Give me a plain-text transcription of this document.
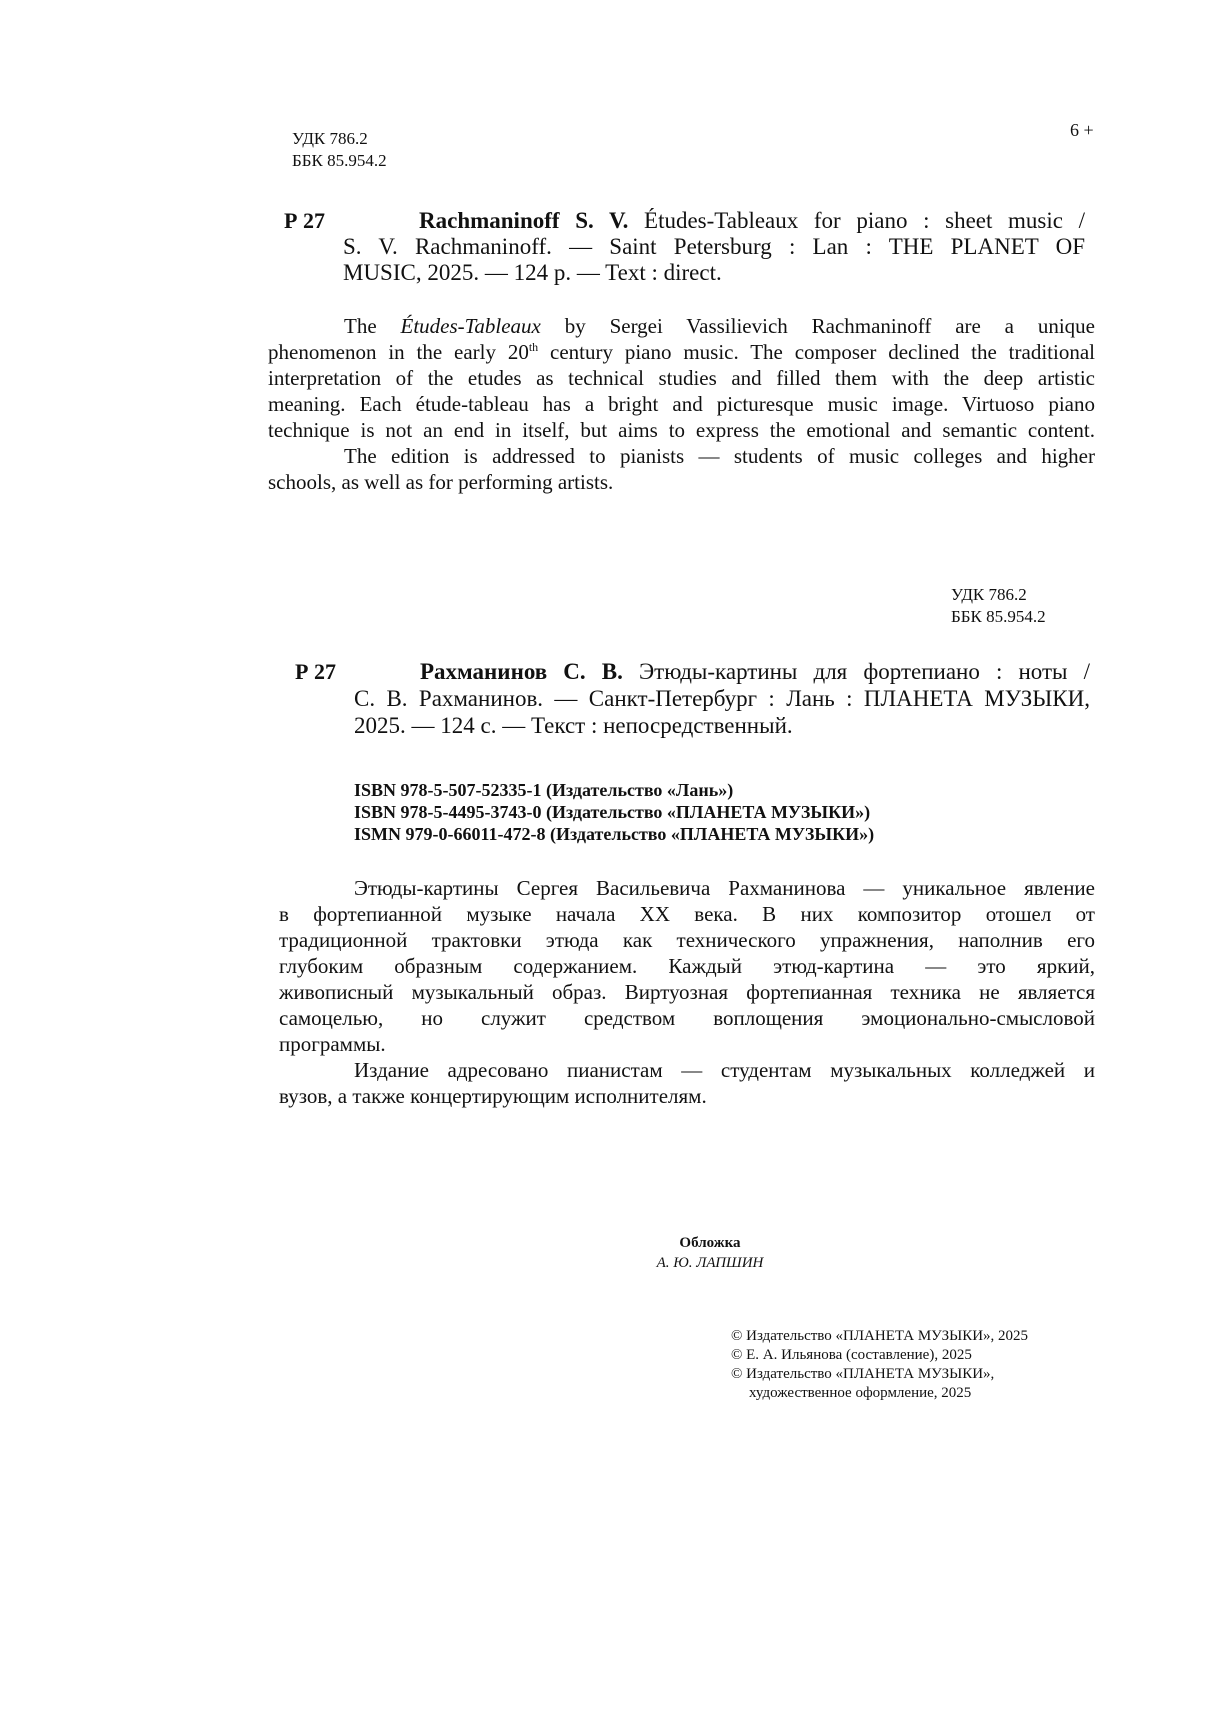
УДК 786.2
ББК 85.954.2
6 +
Р 27	Rachmaninoff S. V. Études-Tableaux for piano : sheet music /
S. V. Rachmaninoff. — Saint Petersburg : Lan : THE PLANET OF
MUSIC, 2025. — 124 p. — Text : direct.
The Études-Tableaux by Sergei Vassilievich Rachmaninoff are a unique
phenomenon in the early 20th century piano music. The composer declined the traditional
interpretation of the etudes as technical studies and filled them with the deep artistic
meaning. Each étude-tableau has a bright and picturesque music image. Virtuoso piano
technique is not an end in itself, but aims to express the emotional and semantic content.
The edition is addressed to pianists — students of music colleges and higher
schools, as well as for performing artists.
УДК 786.2
ББК 85.954.2
Р 27	Рахманинов С. В. Этюды-картины для фортепиано : ноты /
С. В. Рахманинов. — Санкт-Петербург : Лань : ПЛАНЕТА МУЗЫКИ,
2025. — 124 с. — Текст : непосредственный.
ISBN 978-5-507-52335-1 (Издательство «Лань»)
ISBN 978-5-4495-3743-0 (Издательство «ПЛАНЕТА МУЗЫКИ»)
ISMN 979-0-66011-472-8 (Издательство «ПЛАНЕТА МУЗЫКИ»)
Этюды-картины Сергея Васильевича Рахманинова — уникальное явление
в фортепианной музыке начала XX века. В них композитор отошел от
традиционной трактовки этюда как технического упражнения, наполнив его
глубоким образным содержанием. Каждый этюд-картина — это яркий,
живописный музыкальный образ. Виртуозная фортепианная техника не является
самоцелью, но служит средством воплощения эмоционально-смысловой
программы.
Издание адресовано пианистам — студентам музыкальных колледжей и
вузов, а также концертирующим исполнителям.
Обложка
А. Ю. ЛАПШИН
© Издательство «ПЛАНЕТА МУЗЫКИ», 2025
© Е. А. Ильянова (составление), 2025
© Издательство «ПЛАНЕТА МУЗЫКИ»,
художественное оформление, 2025
